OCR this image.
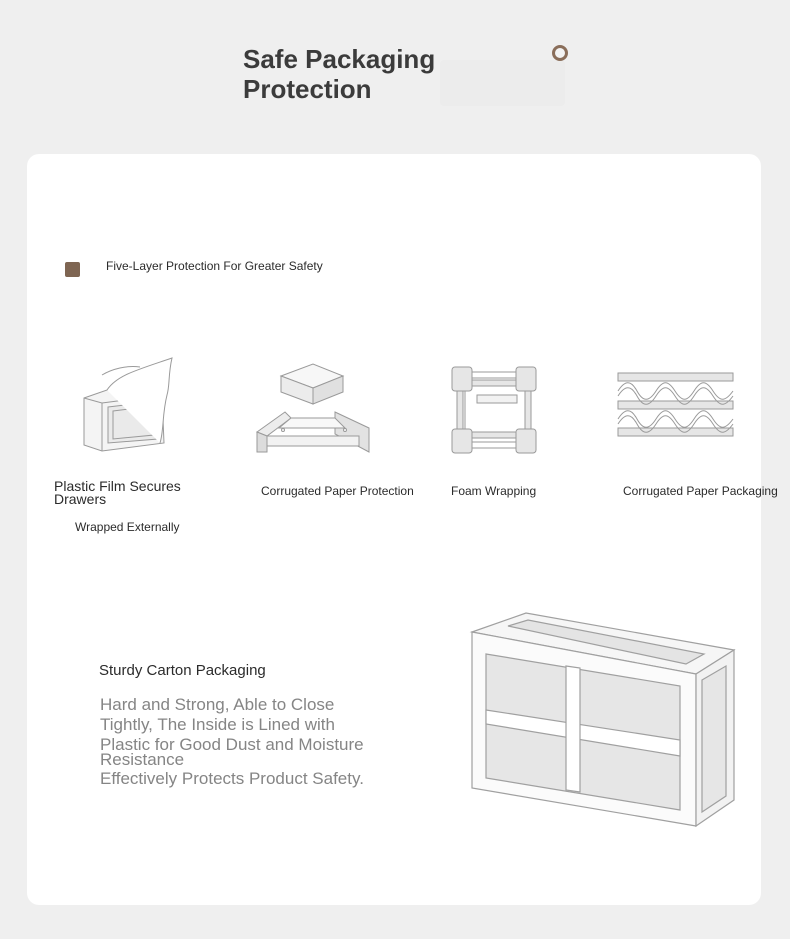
Safe Packaging Protection
Five-Layer Protection For Greater Safety
Plastic Film Secures
Drawers
Wrapped Externally
Corrugated Paper Protection	Foam Wrapping	Corrugated Paper Packaging
Sturdy Carton Packaging
Hard and Strong, Able to Close
Tightly, The Inside is Lined with
Plastic for Good Dust and Moisture
Resistance
Effectively Protects Product Safety.
